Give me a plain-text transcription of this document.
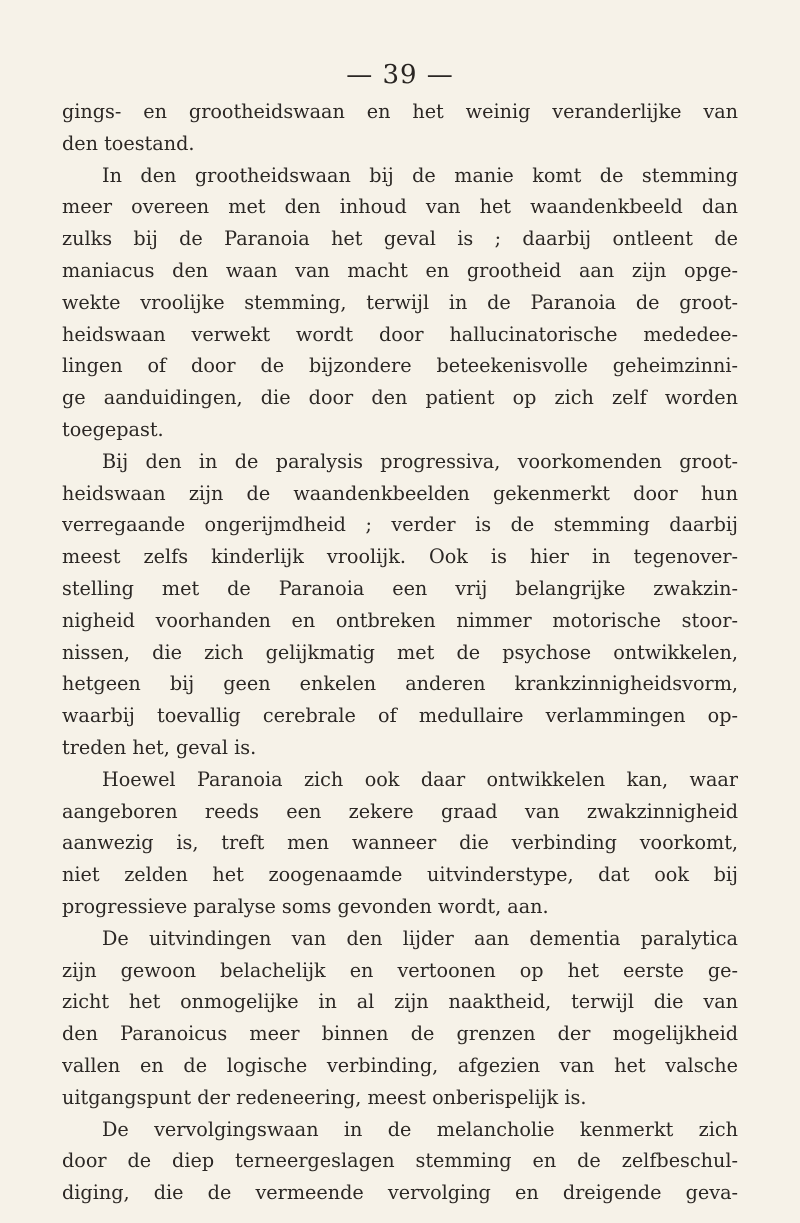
— 39 —
gings- en grootheidswaan en het weinig veranderlijke van
den toestand.
In den grootheidswaan bij de manie komt de stemming
meer overeen met den inhoud van het waandenkbeeld dan
zulks bij de Paranoia het geval is ; daarbij ontleent de
maniacus den waan van macht en grootheid aan zijn opge-
wekte vroolijke stemming, terwijl in de Paranoia de groot-
heidswaan verwekt wordt door hallucinatorische mededee-
lingen of door de bijzondere beteekenisvolle geheimzinni-
ge aanduidingen, die door den patient op zich zelf worden
toegepast.
Bij den in de paralysis progressiva, voorkomenden groot-
heidswaan zijn de waandenkbeelden gekenmerkt door hun
verregaande ongerijmdheid ; verder is de stemming daarbij
meest zelfs kinderlijk vroolijk. Ook is hier in tegenover-
stelling met de Paranoia een vrij belangrijke zwakzin-
nigheid voorhanden en ontbreken nimmer motorische stoor-
nissen, die zich gelijkmatig met de psychose ontwikkelen,
hetgeen bij geen enkelen anderen krankzinnigheidsvorm,
waarbij toevallig cerebrale of medullaire verlammingen op-
treden het, geval is.
Hoewel Paranoia zich ook daar ontwikkelen kan, waar
aangeboren reeds een zekere graad van zwakzinnigheid
aanwezig is, treft men wanneer die verbinding voorkomt,
niet zelden het zoogenaamde uitvinderstype, dat ook bij
progressieve paralyse soms gevonden wordt, aan.
De uitvindingen van den lijder aan dementia paralytica
zijn gewoon belachelijk en vertoonen op het eerste ge-
zicht het onmogelijke in al zijn naaktheid, terwijl die van
den Paranoicus meer binnen de grenzen der mogelijkheid
vallen en de logische verbinding, afgezien van het valsche
uitgangspunt der redeneering, meest onberispelijk is.
De vervolgingswaan in de melancholie kenmerkt zich
door de diep terneergeslagen stemming en de zelfbeschul-
diging, die de vermeende vervolging en dreigende geva-
